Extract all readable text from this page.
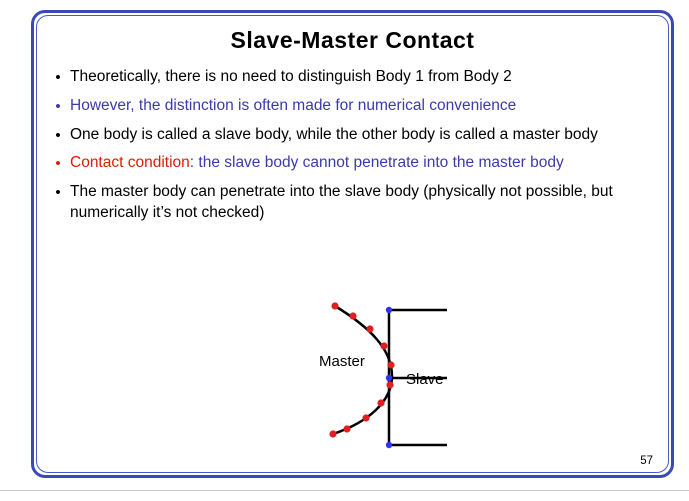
Slave-Master Contact
• Theoretically, there is no need to distinguish Body 1 from Body 2
• However, the distinction is often made for numerical convenience
• One body is called a slave body, while the other body is called a master body
• Contact condition: the slave body cannot penetrate into the master body
• The master body can penetrate into the slave body (physically not possible, but numerically it’s not checked)
Master
Slave
57
